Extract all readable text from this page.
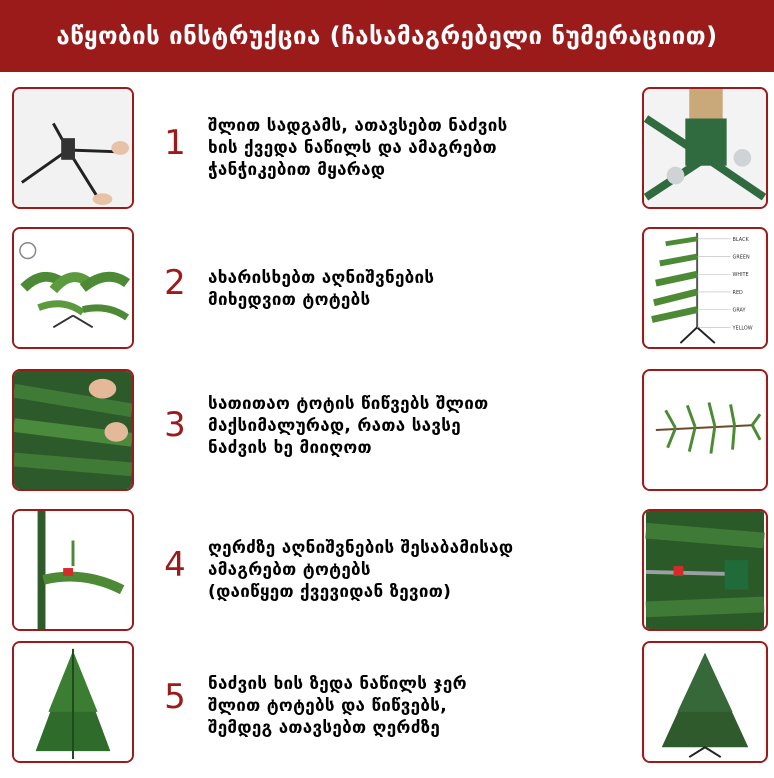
აწყობის ინსტრუქცია (ჩასამაგრებელი ნუმერაციით)
1	შლით სადგამს, ათავსებთ ნაძვის
ხის ქვედა ნაწილს და ამაგრებთ
ჭანჭიკებით მყარად
2	ახარისხებთ აღნიშვნების
მიხედვით ტოტებს
BLACK
GREEN
WHITE
RED
GRAY
YELLOW
3
სათითაო ტოტის წიწვებს შლით
მაქსიმალურად, რათა სავსე
ნაძვის ხე მიიღოთ
4	ღერძზე აღნიშვნების შესაბამისად
ამაგრებთ ტოტებს
(დაიწყეთ ქვევიდან ზევით)
5	ნაძვის ხის ზედა ნაწილს ჯერ
შლით ტოტებს და წიწვებს,
შემდეგ ათავსებთ ღერძზე
